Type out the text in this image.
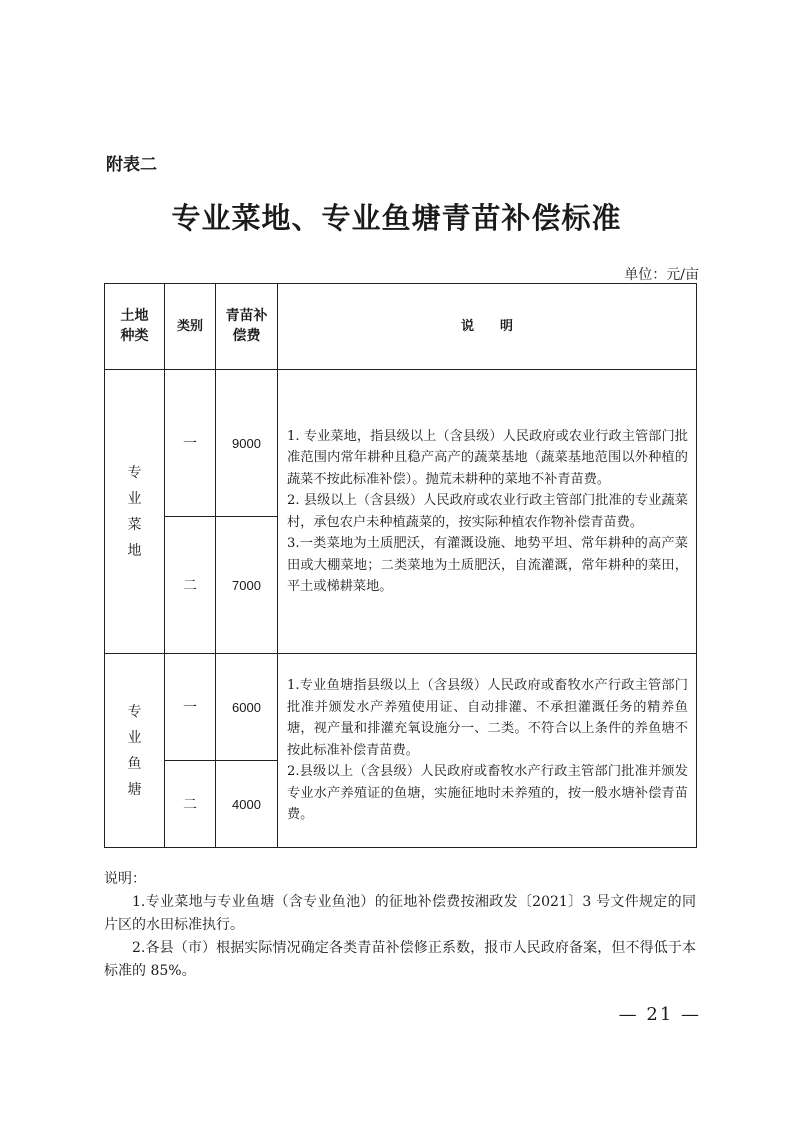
附表二
专业菜地、专业鱼塘青苗补偿标准
单位：元/亩
土地种类	类别	青苗补偿费	说　　明
专业菜地	一	9000	1. 专业菜地，指县级以上（含县级）人民政府或农业行政主管部门批准范围内常年耕种且稳产高产的蔬菜基地（蔬菜基地范围以外种植的蔬菜不按此标准补偿）。抛荒未耕种的菜地不补青苗费。

2. 县级以上（含县级）人民政府或农业行政主管部门批准的专业蔬菜村，承包农户未种植蔬菜的，按实际种植农作物补偿青苗费。

3.一类菜地为土质肥沃，有灌溉设施、地势平坦、常年耕种的高产菜田或大棚菜地；二类菜地为土质肥沃，自流灌溉，常年耕种的菜田，平土或梯耕菜地。

	二	7000	
专业鱼塘	一	6000	1.专业鱼塘指县级以上（含县级）人民政府或畜牧水产行政主管部门批准并颁发水产养殖使用证、自动排灌、不承担灌溉任务的精养鱼塘，视产量和排灌充氧设施分一、二类。不符合以上条件的养鱼塘不按此标准补偿青苗费。

2.县级以上（含县级）人民政府或畜牧水产行政主管部门批准并颁发专业水产养殖证的鱼塘，实施征地时未养殖的，按一般水塘补偿青苗费。

	二	4000	

说明：

1.专业菜地与专业鱼塘（含专业鱼池）的征地补偿费按湘政发〔2021〕3 号文件规定的同片区的水田标准执行。

2.各县（市）根据实际情况确定各类青苗补偿修正系数，报市人民政府备案，但不得低于本标准的 85%。

— 21 —
